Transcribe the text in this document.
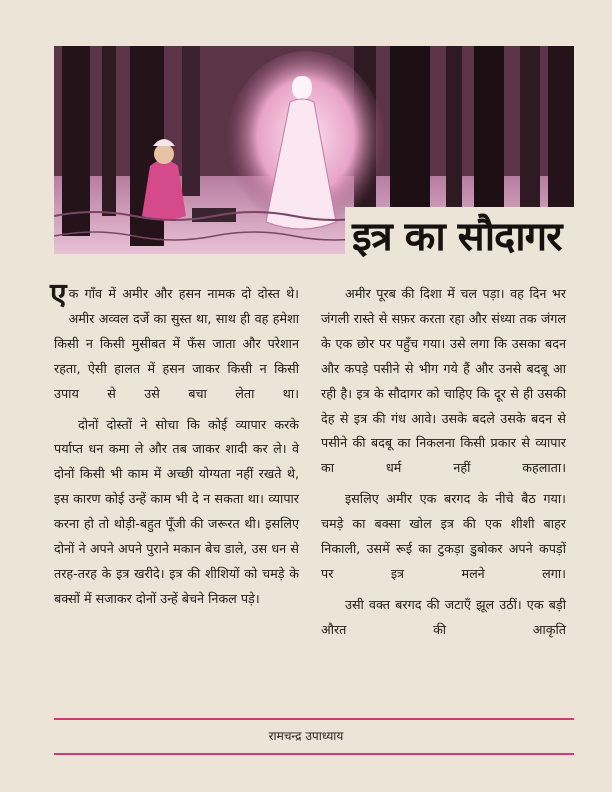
इत्र का सौदागर

एक गाँव में अमीर और हसन नामक दो दोस्त थे। अमीर अव्वल दर्जे का सुस्त था, साथ ही वह हमेशा किसी न किसी मुसीबत में फँस जाता और परेशान रहता, ऐसी हालत में हसन जाकर किसी न किसी उपाय से उसे बचा लेता था।

दोनों दोस्तों ने सोचा कि कोई व्यापार करके पर्याप्त धन कमा ले और तब जाकर शादी कर ले। वे दोनों किसी भी काम में अच्छी योग्यता नहीं रखते थे, इस कारण कोई उन्हें काम भी दे न सकता था। व्यापार करना हो तो थोड़ी-बहुत पूँजी की जरूरत थी। इसलिए दोनों ने अपने अपने पुराने मकान बेच डाले, उस धन से तरह-तरह के इत्र खरीदे। इत्र की शीशियों को चमड़े के बक्सों में सजाकर दोनों उन्हें बेचने निकल पड़े।

अमीर पूरब की दिशा में चल पड़ा। वह दिन भर जंगली रास्ते से सफ़र करता रहा और संध्या तक जंगल के एक छोर पर पहुँच गया। उसे लगा कि उसका बदन और कपड़े पसीने से भीग गये हैं और उनसे बदबू आ रही है। इत्र के सौदागर को चाहिए कि दूर से ही उसकी देह से इत्र की गंध आवे। उसके बदले उसके बदन से पसीने की बदबू का निकलना किसी प्रकार से व्यापार का धर्म नहीं कहलाता।

इसलिए अमीर एक बरगद के नीचे बैठ गया। चमड़े का बक्सा खोल इत्र की एक शीशी बाहर निकाली, उसमें रूई का टुकड़ा डुबोकर अपने कपड़ों पर इत्र मलने लगा।

उसी वक्त बरगद की जटाएँ झूल उठीं। एक बड़ी औरत की आकृति

रामचन्द्र उपाध्याय
